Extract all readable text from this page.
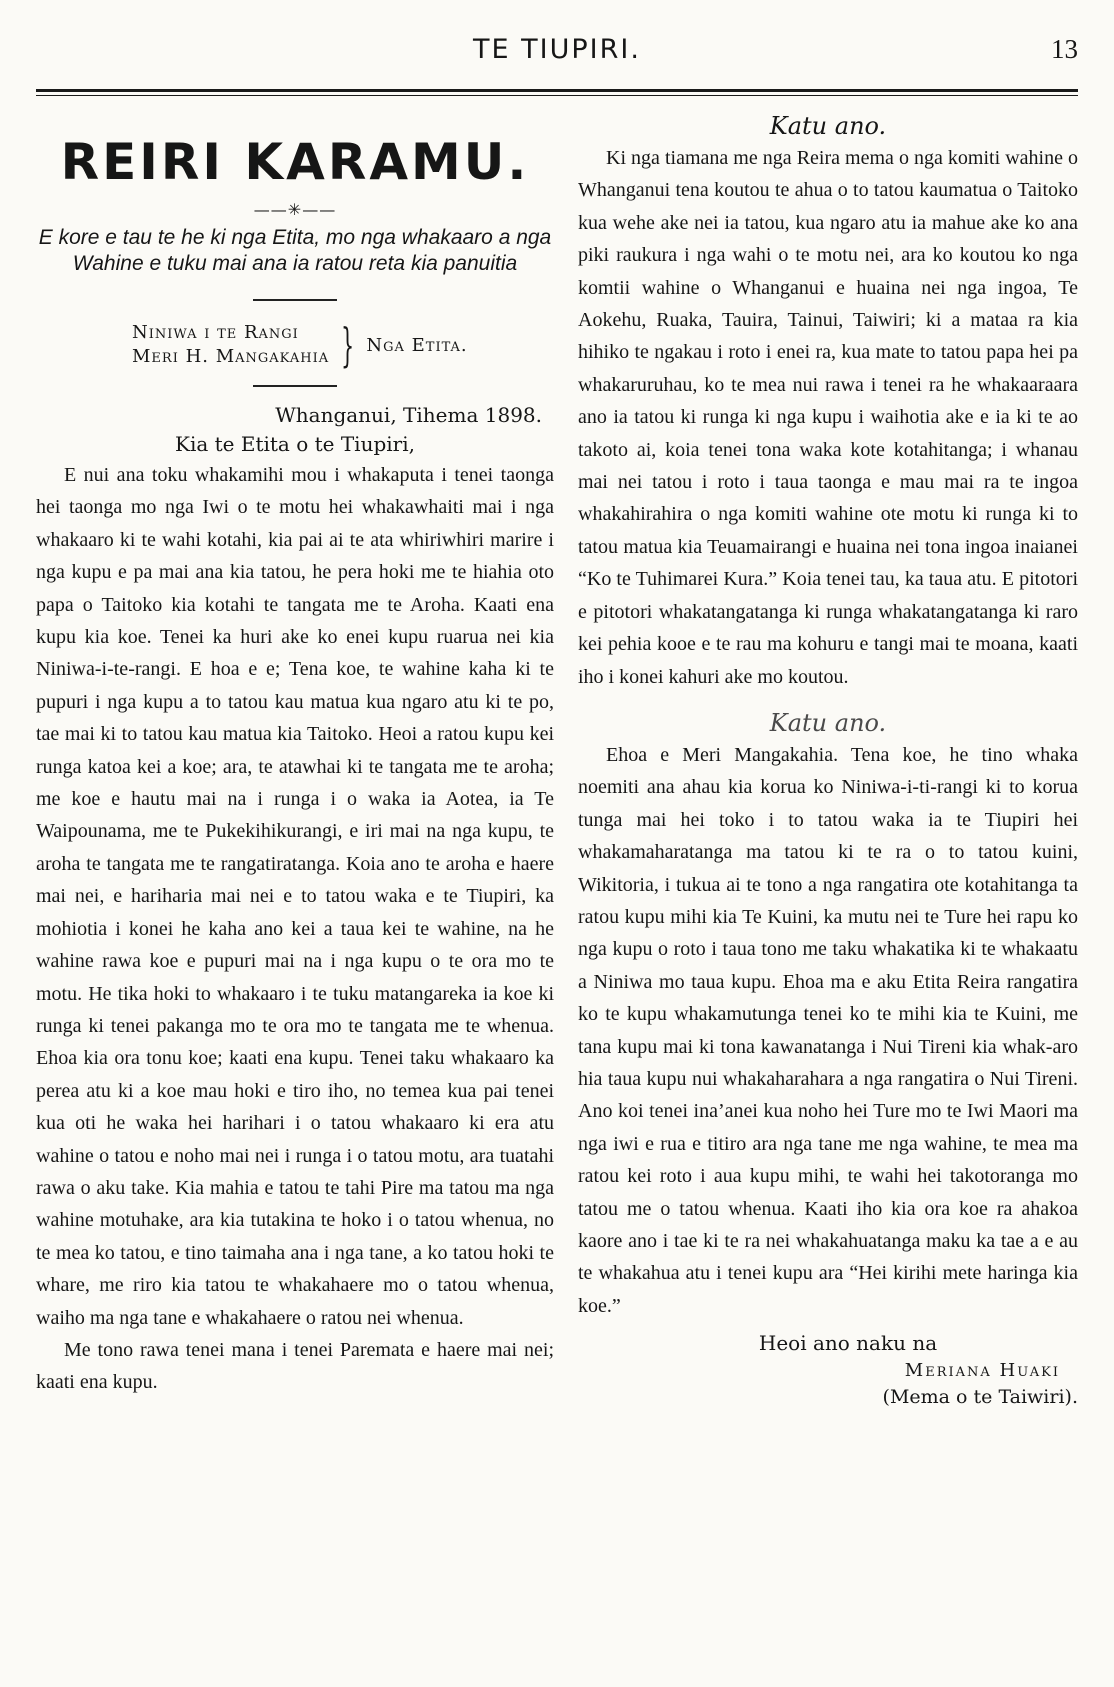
TE TIUPIRI.	13
REIRI KARAMU.
——✳——
E kore e tau te he ki nga Etita, mo nga whakaaro a nga Wahine e tuku mai ana ia ratou reta kia panuitia
Niniwa i te Rangi
Meri H. Mangakahia } Nga Etita.
Whanganui, Tihema 1898.
Kia te Etita o te Tiupiri,

E nui ana toku whakamihi mou i whakaputa i tenei taonga hei taonga mo nga Iwi o te motu hei whakawhaiti mai i nga whakaaro ki te wahi kotahi, kia pai ai te ata whiriwhiri marire i nga kupu e pa mai ana kia tatou, he pera hoki me te hiahia oto papa o Taitoko kia kotahi te tangata me te Aroha. Kaati ena kupu kia koe. Tenei ka huri ake ko enei kupu ruarua nei kia Niniwa-i-te-rangi. E hoa e e; Tena koe, te wahine kaha ki te pupuri i nga kupu a to tatou kau matua kua ngaro atu ki te po, tae mai ki to tatou kau matua kia Taitoko. Heoi a ratou kupu kei runga katoa kei a koe; ara, te atawhai ki te tangata me te aroha; me koe e hautu mai na i runga i o waka ia Aotea, ia Te Waipounama, me te Pukekihikurangi, e iri mai na nga kupu, te aroha te tangata me te rangatiratanga. Koia ano te aroha e haere mai nei, e hariharia mai nei e to tatou waka e te Tiupiri, ka mohiotia i konei he kaha ano kei a taua kei te wahine, na he wahine rawa koe e pupuri mai na i nga kupu o te ora mo te motu. He tika hoki to whakaaro i te tuku matangareka ia koe ki runga ki tenei pakanga mo te ora mo te tangata me te whenua. Ehoa kia ora tonu koe; kaati ena kupu. Tenei taku whakaaro ka perea atu ki a koe mau hoki e tiro iho, no temea kua pai tenei kua oti he waka hei harihari i o tatou whakaaro ki era atu wahine o tatou e noho mai nei i runga i o tatou motu, ara tuatahi rawa o aku take. Kia mahia e tatou te tahi Pire ma tatou ma nga wahine motuhake, ara kia tutakina te hoko i o tatou whenua, no te mea ko tatou, e tino taimaha ana i nga tane, a ko tatou hoki te whare, me riro kia tatou te whakahaere mo o tatou whenua, waiho ma nga tane e whakahaere o ratou nei whenua.

Me tono rawa tenei mana i tenei Paremata e haere mai nei; kaati ena kupu.

Katu ano.

Ki nga tiamana me nga Reira mema o nga komiti wahine o Whanganui tena koutou te ahua o to tatou kaumatua o Taitoko kua wehe ake nei ia tatou, kua ngaro atu ia mahue ake ko ana piki raukura i nga wahi o te motu nei, ara ko koutou ko nga komtii wahine o Whanganui e huaina nei nga ingoa, Te Aokehu, Ruaka, Tauira, Tainui, Taiwiri; ki a mataa ra kia hihiko te ngakau i roto i enei ra, kua mate to tatou papa hei pa whakaruruhau, ko te mea nui rawa i tenei ra he whakaaraara ano ia tatou ki runga ki nga kupu i waihotia ake e ia ki te ao takoto ai, koia tenei tona waka kote kotahitanga; i whanau mai nei tatou i roto i taua taonga e mau mai ra te ingoa whakahirahira o nga komiti wahine ote motu ki runga ki to tatou matua kia Teuamairangi e huaina nei tona ingoa inaianei “Ko te Tuhimarei Kura.” Koia tenei tau, ka taua atu. E pitotori e pitotori whakatangatanga ki runga whakatangatanga ki raro kei pehia kooe e te rau ma kohuru e tangi mai te moana, kaati iho i konei kahuri ake mo koutou.

Katu ano.

Ehoa e Meri Mangakahia. Tena koe, he tino whaka noemiti ana ahau kia korua ko Niniwa-i-ti-rangi ki to korua tunga mai hei toko i to tatou waka ia te Tiupiri hei whakamaharatanga ma tatou ki te ra o to tatou kuini, Wikitoria, i tukua ai te tono a nga rangatira ote kotahitanga ta ratou kupu mihi kia Te Kuini, ka mutu nei te Ture hei rapu ko nga kupu o roto i taua tono me taku whakatika ki te whakaatu a Niniwa mo taua kupu. Ehoa ma e aku Etita Reira rangatira ko te kupu whakamutunga tenei ko te mihi kia te Kuini, me tana kupu mai ki tona kawanatanga i Nui Tireni kia whak-aro hia taua kupu nui whakaharahara a nga rangatira o Nui Tireni. Ano koi tenei ina’anei kua noho hei Ture mo te Iwi Maori ma nga iwi e rua e titiro ara nga tane me nga wahine, te mea ma ratou kei roto i aua kupu mihi, te wahi hei takotoranga mo tatou me o tatou whenua. Kaati iho kia ora koe ra ahakoa kaore ano i tae ki te ra nei whakahuatanga maku ka tae a e au te whakahua atu i tenei kupu ara “Hei kirihi mete haringa kia koe.”

Heoi ano naku na
Meriana Huaki
(Mema o te Taiwiri).
